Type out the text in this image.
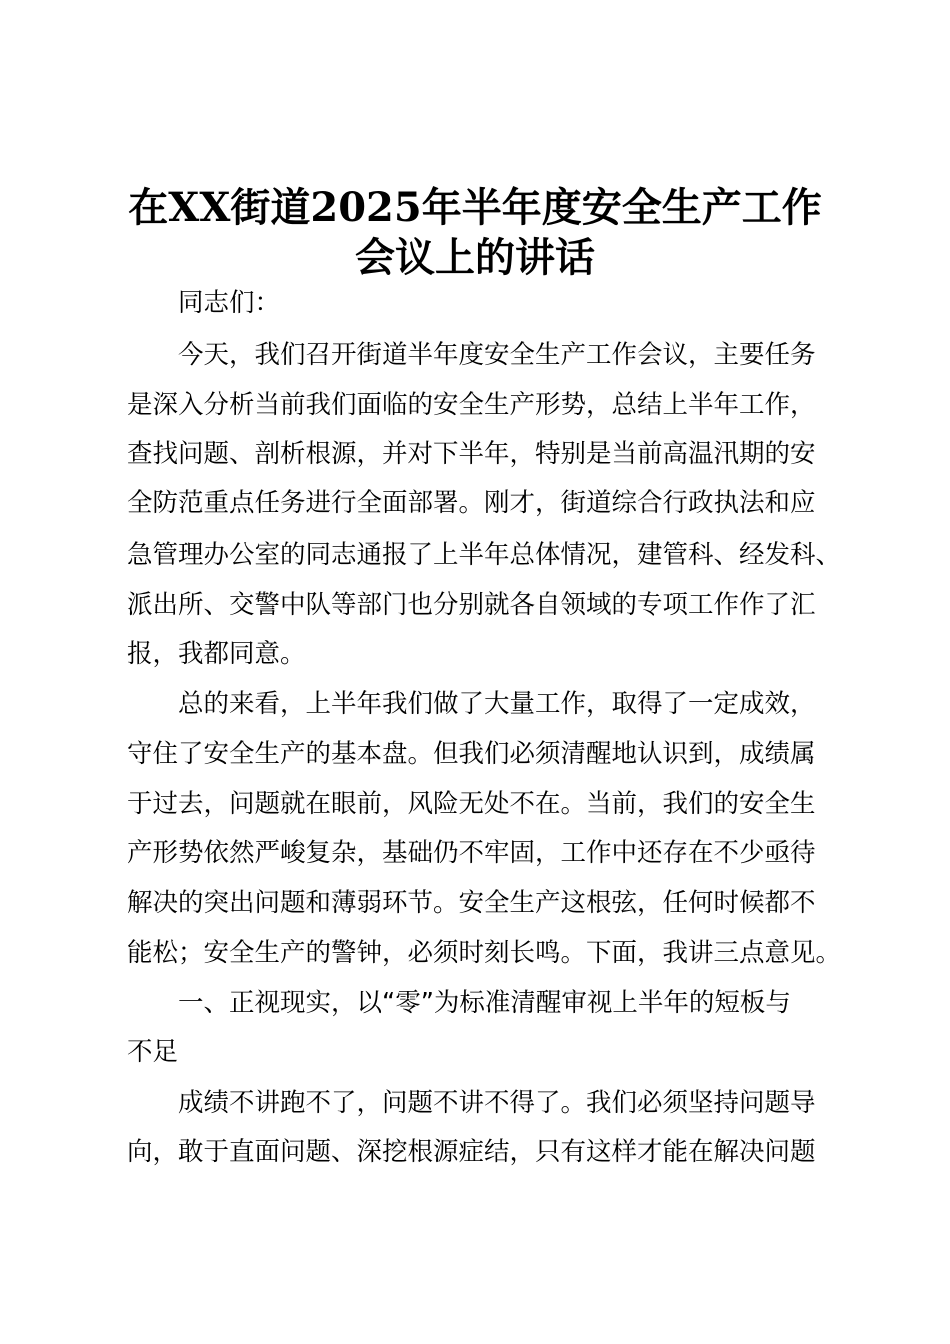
在XX街道2025年半年度安全生产工作
会议上的讲话
同志们：
今天，我们召开街道半年度安全生产工作会议，主要任务
是深入分析当前我们面临的安全生产形势，总结上半年工作，
查找问题、剖析根源，并对下半年，特别是当前高温汛期的安
全防范重点任务进行全面部署。刚才，街道综合行政执法和应
急管理办公室的同志通报了上半年总体情况，建管科、经发科、
派出所、交警中队等部门也分别就各自领域的专项工作作了汇
报，我都同意。
总的来看，上半年我们做了大量工作，取得了一定成效，
守住了安全生产的基本盘。但我们必须清醒地认识到，成绩属
于过去，问题就在眼前，风险无处不在。当前，我们的安全生
产形势依然严峻复杂，基础仍不牢固，工作中还存在不少亟待
解决的突出问题和薄弱环节。安全生产这根弦，任何时候都不
能松；安全生产的警钟，必须时刻长鸣。下面，我讲三点意见。
一、正视现实，以“零”为标准清醒审视上半年的短板与
不足
成绩不讲跑不了，问题不讲不得了。我们必须坚持问题导
向，敢于直面问题、深挖根源症结，只有这样才能在解决问题
